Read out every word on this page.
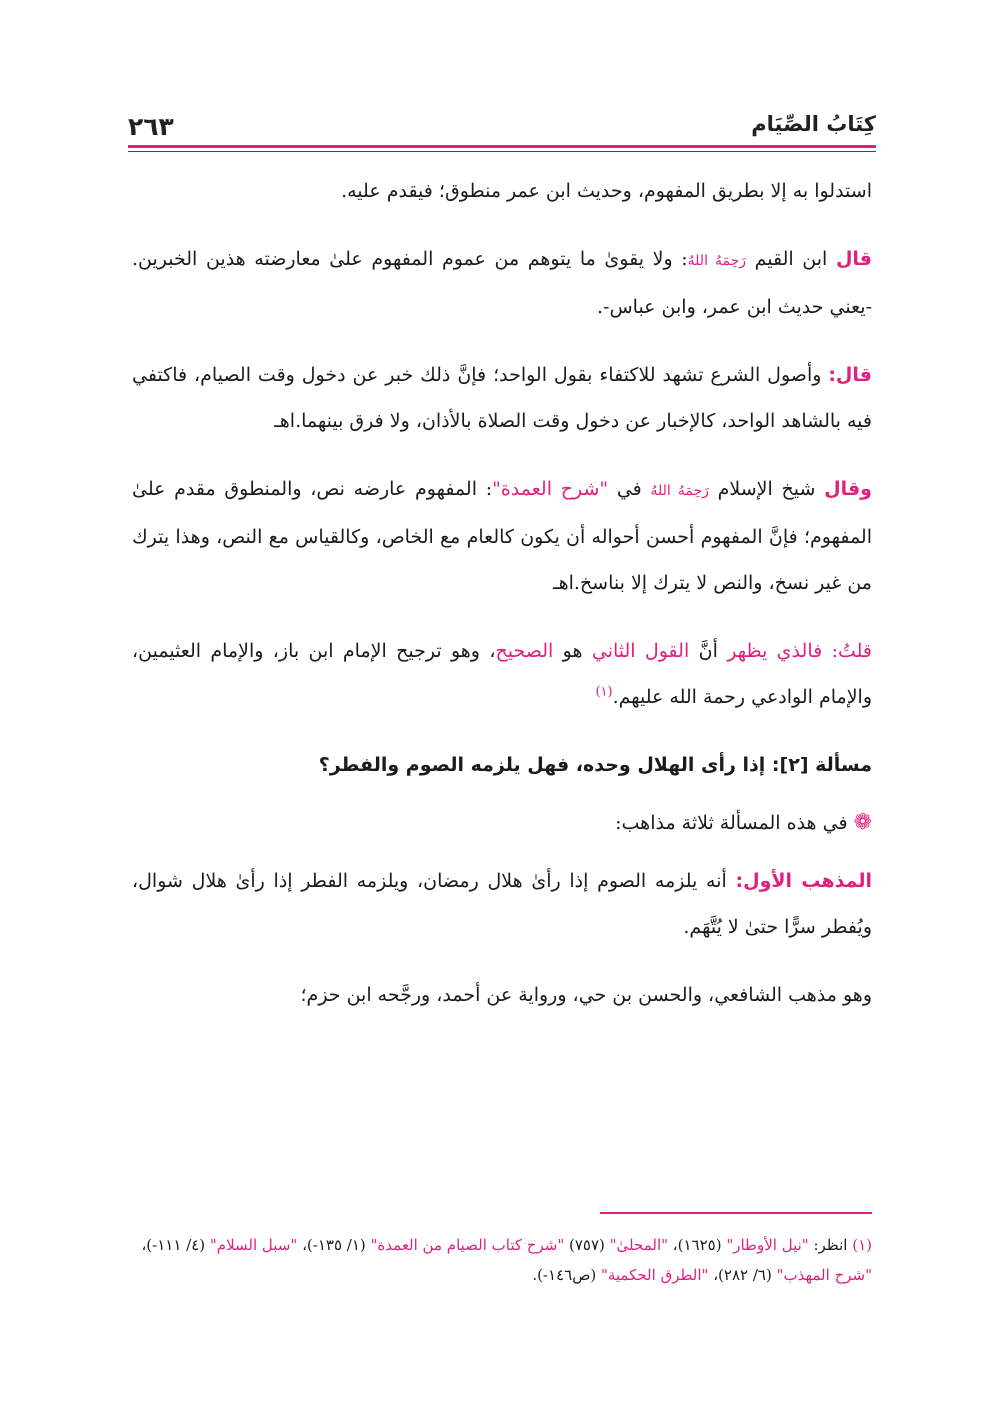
٢٦٣	كِتَابُ الصِّيَام

استدلوا به إلا بطريق المفهوم، وحديث ابن عمر منطوق؛ فيقدم عليه.

قال ابن القيم رَحِمَهُ اللهُ: ولا يقوىٰ ما يتوهم من عموم المفهوم علىٰ معارضته هذين الخبرين. -يعني حديث ابن عمر، وابن عباس-.

قال: وأصول الشرع تشهد للاكتفاء بقول الواحد؛ فإنَّ ذلك خبر عن دخول وقت الصيام، فاكتفي فيه بالشاهد الواحد، كالإخبار عن دخول وقت الصلاة بالأذان، ولا فرق بينهما.اهـ

وقال شيخ الإسلام رَحِمَهُ اللهُ في "شرح العمدة": المفهوم عارضه نص، والمنطوق مقدم علىٰ المفهوم؛ فإنَّ المفهوم أحسن أحواله أن يكون كالعام مع الخاص، وكالقياس مع النص، وهذا يترك من غير نسخ، والنص لا يترك إلا بناسخ.اهـ

قلتُ: فالذي يظهر أنَّ القول الثاني هو الصحيح، وهو ترجيح الإمام ابن باز، والإمام العثيمين، والإمام الوادعي رحمة الله عليهم.$^{(١)}$

مسألة [٢]: إذا رأى الهلال وحده، فهل يلزمه الصوم والفطر؟

❁ في هذه المسألة ثلاثة مذاهب:

المذهب الأول: أنه يلزمه الصوم إذا رأىٰ هلال رمضان، ويلزمه الفطر إذا رأىٰ هلال شوال، ويُفطر سرًّا حتىٰ لا يُتَّهَم.

وهو مذهب الشافعي، والحسن بن حي، ورواية عن أحمد، ورجَّحه ابن حزم؛

(١) انظر: "نيل الأوطار" (١٦٢٥)، "المحلىٰ" (٧٥٧) "شرح كتاب الصيام من العمدة" (١/ ١٣٥-)، "سبل السلام" (٤/ ١١١-)، "شرح المهذب" (٦/ ٢٨٢)، "الطرق الحكمية" (ص١٤٦-).
